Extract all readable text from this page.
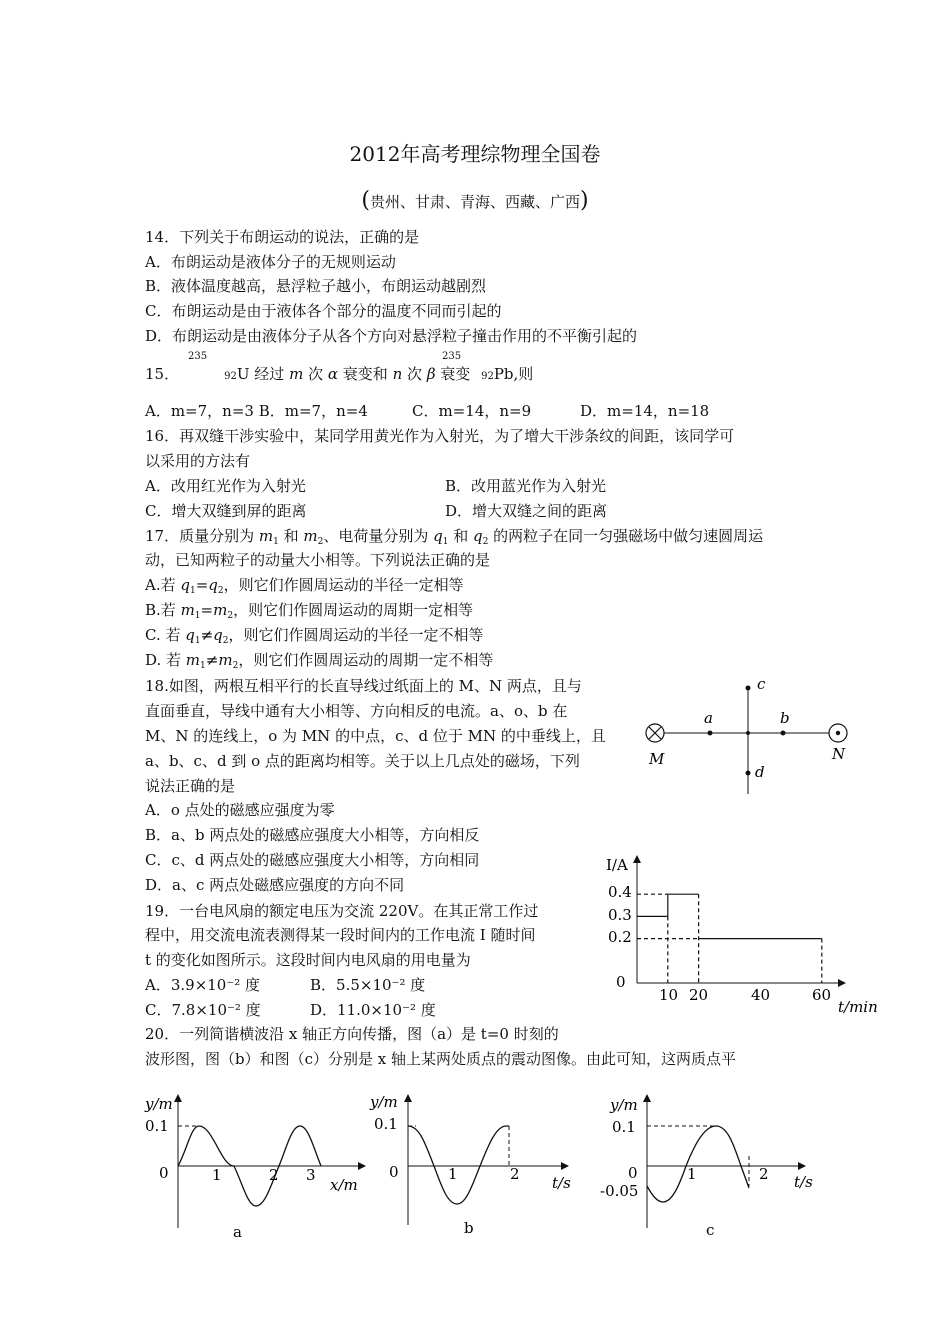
2012年高考理综物理全国卷
(贵州、甘肃、青海、西藏、广西)
14．下列关于布朗运动的说法，正确的是
A．布朗运动是液体分子的无规则运动
B．液体温度越高，悬浮粒子越小，布朗运动越剧烈
C．布朗运动是由于液体各个部分的温度不同而引起的
D．布朗运动是由液体分子从各个方向对悬浮粒子撞击作用的不平衡引起的
235	235
15．	92U 经过 m 次 α 衰变和 n 次 β 衰变 92Pb,则
A．m=7，n=3 B．m=7，n=4	C．m=14，n=9	D．m=14，n=18
16．再双缝干涉实验中，某同学用黄光作为入射光，为了增大干涉条纹的间距，该同学可
以采用的方法有
A．改用红光作为入射光	B．改用蓝光作为入射光
C．增大双缝到屏的距离	D．增大双缝之间的距离
17．质量分别为 $m_1$ 和 $m_2$、电荷量分别为 $q_1$ 和 $q_2$ 的两粒子在同一匀强磁场中做匀速圆周运
动，已知两粒子的动量大小相等。下列说法正确的是
A.若 $q_1=q_2$，则它们作圆周运动的半径一定相等
B.若 $m_1=m_2$，则它们作圆周运动的周期一定相等
C. 若 $q_1\ne q_2$，则它们作圆周运动的半径一定不相等
D. 若 $m_1\ne m_2$，则它们作圆周运动的周期一定不相等
18.如图，两根互相平行的长直导线过纸面上的 M、N 两点，且与
直面垂直，导线中通有大小相等、方向相反的电流。a、o、b 在
M、N 的连线上，o 为 MN 的中点，c、d 位于 MN 的中垂线上，且
a、b、c、d 到 o 点的距离均相等。关于以上几点处的磁场，下列
说法正确的是
A．o 点处的磁感应强度为零
B．a、b 两点处的磁感应强度大小相等，方向相反
C．c、d 两点处的磁感应强度大小相等，方向相同
D．a、c 两点处磁感应强度的方向不同
c
a	b
M	N
d
19．一台电风扇的额定电压为交流 220V。在其正常工作过
程中，用交流电流表测得某一段时间内的工作电流 I 随时间
t 的变化如图所示。这段时间内电风扇的用电量为
A．3.9×10⁻² 度	B．5.5×10⁻² 度
C．7.8×10⁻² 度	D．11.0×10⁻² 度
I/A
t/min
0.4
0.3
0.2
0
10 20	40	60
20．一列简谐横波沿 x 轴正方向传播，图（a）是 t=0 时刻的
波形图，图（b）和图（c）分别是 x 轴上某两处质点的震动图像。由此可知，这两质点平
y/m
0.1
0	1	2 3
x/m
a
y/m
0.1
0	1	2 t/s
b
y/m
0.1
0
-0.05
1	2 t/s
c
